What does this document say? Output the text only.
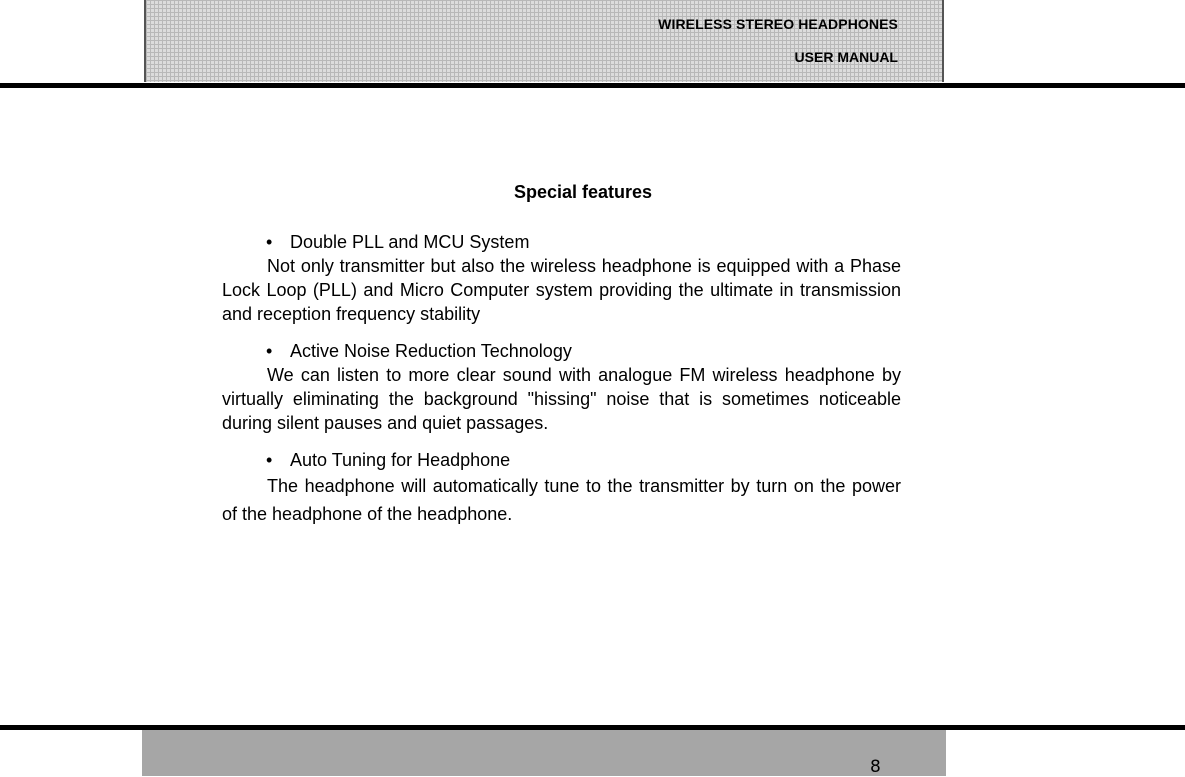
WIRELESS STEREO HEADPHONES
USER MANUAL
Special features
• Double PLL and MCU System
Not only transmitter but also the wireless headphone is equipped with a Phase Lock Loop (PLL) and Micro Computer system providing the ultimate in transmission and reception frequency stability
• Active Noise Reduction Technology
We can listen to more clear sound with analogue FM wireless headphone by virtually eliminating the background "hissing" noise that is sometimes noticeable during silent pauses and quiet passages.
• Auto Tuning for Headphone
The headphone will automatically tune to the transmitter by turn on the power of the headphone of the headphone.
8
